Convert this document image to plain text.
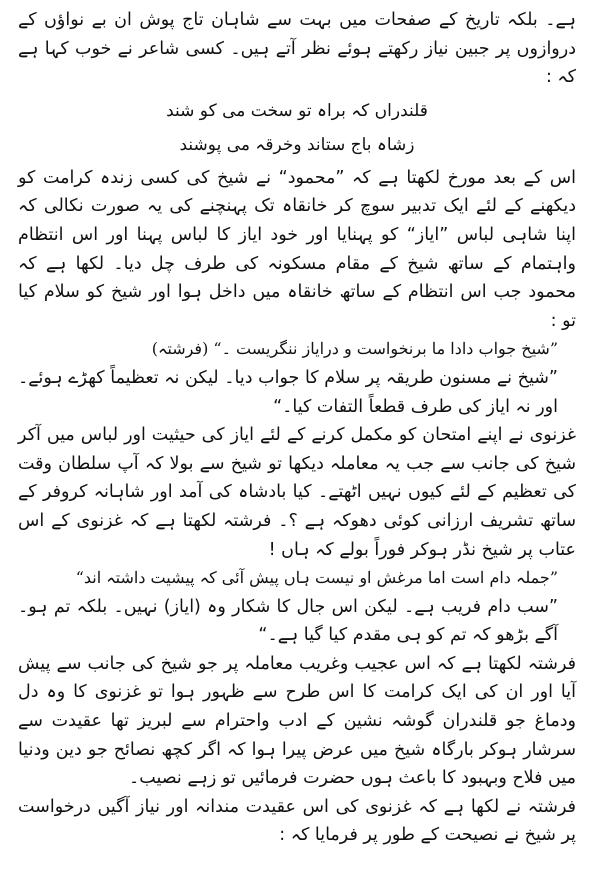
ہے۔ بلکہ تاریخ کے صفحات میں بہت سے شاہان تاج پوش ان بے نواؤں کے دروازوں پر جبین نیاز رکھتے ہوئے نظر آتے ہیں۔ کسی شاعر نے خوب کہا ہے کہ :

قلندراں کہ براہ تو سخت می کو شند
زشاہ باج ستاند وخرقہ می پوشند

اس کے بعد مورخ لکھتا ہے کہ ”محمود“ نے شیخ کی کسی زندہ کرامت کو دیکھنے کے لئے ایک تدبیر سوچ کر خانقاہ تک پہنچنے کی یہ صورت نکالی کہ اپنا شاہی لباس ”ایاز“ کو پہنایا اور خود ایاز کا لباس پہنا اور اس انتظام واہتمام کے ساتھ شیخ کے مقام مسکونہ کی طرف چل دیا۔ لکھا ہے کہ محمود جب اس انتظام کے ساتھ خانقاہ میں داخل ہوا اور شیخ کو سلام کیا تو :

”شیخ جواب دادا ما برنخواست و درایاز ننگریست ۔“ (فرشتہ)

”شیخ نے مسنون طریقہ پر سلام کا جواب دیا۔ لیکن نہ تعظیماً کھڑے ہوئے۔ اور نہ ایاز کی طرف قطعاً التفات کیا۔“

غزنوی نے اپنے امتحان کو مکمل کرنے کے لئے ایاز کی حیثیت اور لباس میں آکر شیخ کی جانب سے جب یہ معاملہ دیکھا تو شیخ سے بولا کہ آپ سلطان وقت کی تعظیم کے لئے کیوں نہیں اٹھتے۔ کیا بادشاہ کی آمد اور شاہانہ کروفر کے ساتھ تشریف ارزانی کوئی دھوکہ ہے ؟۔ فرشتہ لکھتا ہے کہ غزنوی کے اس عتاب پر شیخ نڈر ہوکر فوراً بولے کہ ہاں !

”جملہ دام است اما مرغش او نیست ہاں پیش آئی کہ پیشیت داشتہ اند“

”سب دام فریب ہے۔ لیکن اس جال کا شکار وہ (ایاز) نہیں۔ بلکہ تم ہو۔ آگے بڑھو کہ تم کو ہی مقدم کیا گیا ہے۔“

فرشتہ لکھتا ہے کہ اس عجیب وغریب معاملہ پر جو شیخ کی جانب سے پیش آیا اور ان کی ایک کرامت کا اس طرح سے ظہور ہوا تو غزنوی کا وہ دل ودماغ جو قلندران گوشہ نشین کے ادب واحترام سے لبریز تھا عقیدت سے سرشار ہوکر بارگاہ شیخ میں عرض پیرا ہوا کہ اگر کچھ نصائح جو دین ودنیا میں فلاح وبہبود کا باعث ہوں حضرت فرمائیں تو زہے نصیب۔

فرشتہ نے لکھا ہے کہ غزنوی کی اس عقیدت مندانہ اور نیاز آگیں درخواست پر شیخ نے نصیحت کے طور پر فرمایا کہ :
